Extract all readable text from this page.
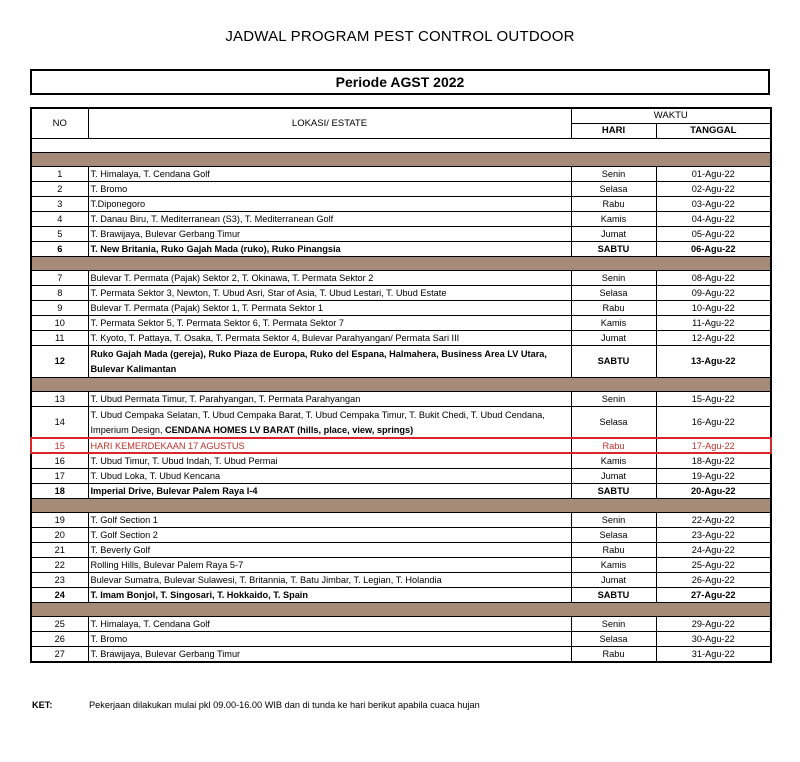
JADWAL PROGRAM PEST CONTROL OUTDOOR
Periode AGST 2022
NO	LOKASI/ ESTATE	WAKTU	
		HARI	TANGGAL

1	T. Himalaya, T. Cendana Golf	Senin	01-Agu-22
2	T. Bromo	Selasa	02-Agu-22
3	T.Diponegoro	Rabu	03-Agu-22
4	T. Danau Biru, T. Mediterranean (S3), T. Mediterranean Golf	Kamis	04-Agu-22
5	T. Brawijaya, Bulevar Gerbang Timur	Jumat	05-Agu-22
6	T. New Britania, Ruko Gajah Mada (ruko), Ruko Pinangsia	SABTU	06-Agu-22

7	Bulevar T. Permata (Pajak) Sektor 2, T. Okinawa, T. Permata Sektor 2	Senin	08-Agu-22
8	T. Permata Sektor 3, Newton, T. Ubud Asri, Star of Asia, T. Ubud Lestari, T. Ubud Estate	Selasa	09-Agu-22
9	Bulevar T. Permata (Pajak) Sektor 1, T. Permata Sektor 1	Rabu	10-Agu-22
10	T. Permata Sektor 5, T. Permata Sektor 6, T. Permata Sektor 7	Kamis	11-Agu-22
11	T. Kyoto, T. Pattaya, T. Osaka, T. Permata Sektor 4, Bulevar Parahyangan/ Permata Sari III	Jumat	12-Agu-22
12	Ruko Gajah Mada (gereja), Ruko Piaza de Europa, Ruko del Espana, Halmahera, Business Area LV Utara, Bulevar Kalimantan	SABTU	13-Agu-22

13	T. Ubud Permata Timur, T. Parahyangan, T. Permata Parahyangan	Senin	15-Agu-22
14	T. Ubud Cempaka Selatan, T. Ubud Cempaka Barat, T. Ubud Cempaka Timur, T. Bukit Chedi, T. Ubud Cendana, Imperium Design, CENDANA HOMES LV BARAT (hills, place, view, springs)	Selasa	16-Agu-22
15	HARI KEMERDEKAAN 17 AGUSTUS	Rabu	17-Agu-22
16	T. Ubud Timur, T. Ubud Indah, T. Ubud Permai	Kamis	18-Agu-22
17	T. Ubud Loka, T. Ubud Kencana	Jumat	19-Agu-22
18	Imperial Drive, Bulevar Palem Raya I-4	SABTU	20-Agu-22

19	T. Golf Section 1	Senin	22-Agu-22
20	T. Golf Section 2	Selasa	23-Agu-22
21	T. Beverly Golf	Rabu	24-Agu-22
22	Rolling Hills, Bulevar Palem Raya 5-7	Kamis	25-Agu-22
23	Bulevar Sumatra, Bulevar Sulawesi, T. Britannia, T. Batu Jimbar, T. Legian, T. Holandia	Jumat	26-Agu-22
24	T. Imam Bonjol, T. Singosari, T. Hokkaido, T. Spain	SABTU	27-Agu-22

25	T. Himalaya, T. Cendana Golf	Senin	29-Agu-22
26	T. Bromo	Selasa	30-Agu-22
27	T. Brawijaya, Bulevar Gerbang Timur	Rabu	31-Agu-22
KET:	Pekerjaan dilakukan mulai pkl 09.00-16.00 WIB dan di tunda ke hari berikut apabila cuaca hujan
